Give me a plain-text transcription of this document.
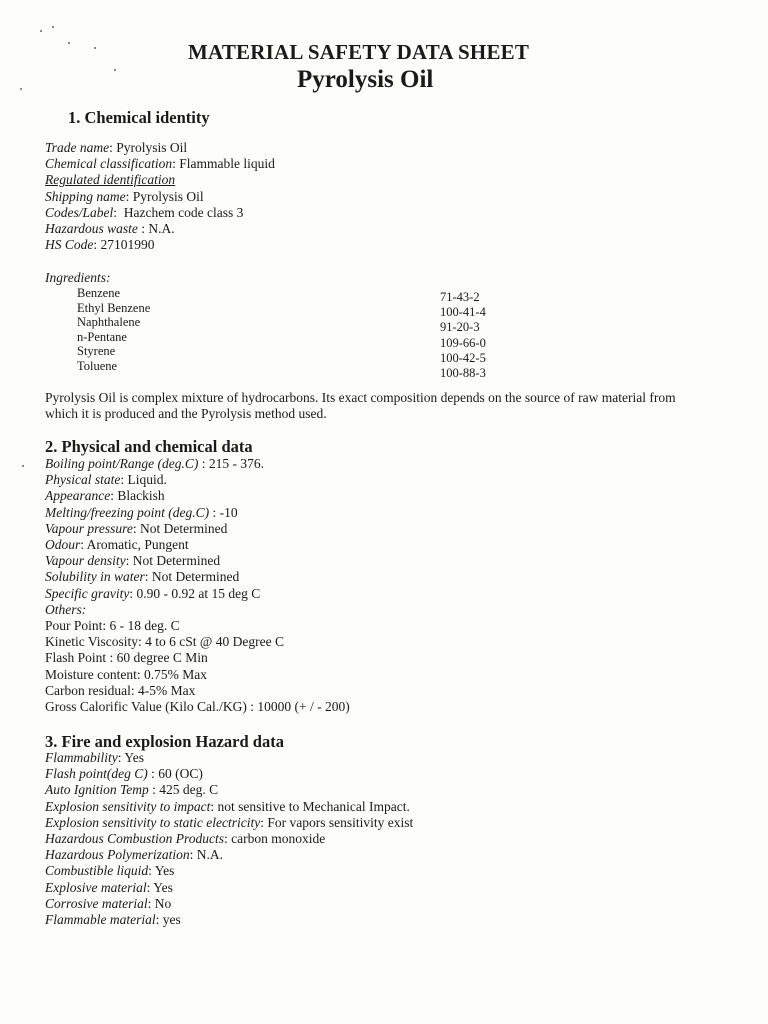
MATERIAL SAFETY DATA SHEET
Pyrolysis Oil
1. Chemical identity
Trade name: Pyrolysis Oil
Chemical classification: Flammable liquid
Regulated identification
Shipping name: Pyrolysis Oil
Codes/Label:  Hazchem code class 3
Hazardous waste : N.A.
HS Code: 27101990
Ingredients:
Benzene
Ethyl Benzene
Naphthalene
n-Pentane
Styrene
Toluene
71-43-2
100-41-4
91-20-3
109-66-0
100-42-5
100-88-3
Pyrolysis Oil is complex mixture of hydrocarbons. Its exact composition depends on the source of raw material from which it is produced and the Pyrolysis method used.
2. Physical and chemical data
Boiling point/Range (deg.C) : 215 - 376.
Physical state: Liquid.
Appearance: Blackish
Melting/freezing point (deg.C) : -10
Vapour pressure: Not Determined
Odour: Aromatic, Pungent
Vapour density: Not Determined
Solubility in water: Not Determined
Specific gravity: 0.90 - 0.92 at 15 deg C
Others:
Pour Point: 6 - 18 deg. C
Kinetic Viscosity: 4 to 6 cSt @ 40 Degree C
Flash Point : 60 degree C Min
Moisture content: 0.75% Max
Carbon residual: 4-5% Max
Gross Calorific Value (Kilo Cal./KG) : 10000 (+ / - 200)
3. Fire and explosion Hazard data
Flammability: Yes
Flash point(deg C) : 60 (OC)
Auto Ignition Temp : 425 deg. C
Explosion sensitivity to impact: not sensitive to Mechanical Impact.
Explosion sensitivity to static electricity: For vapors sensitivity exist
Hazardous Combustion Products: carbon monoxide
Hazardous Polymerization: N.A.
Combustible liquid: Yes
Explosive material: Yes
Corrosive material: No
Flammable material: yes
